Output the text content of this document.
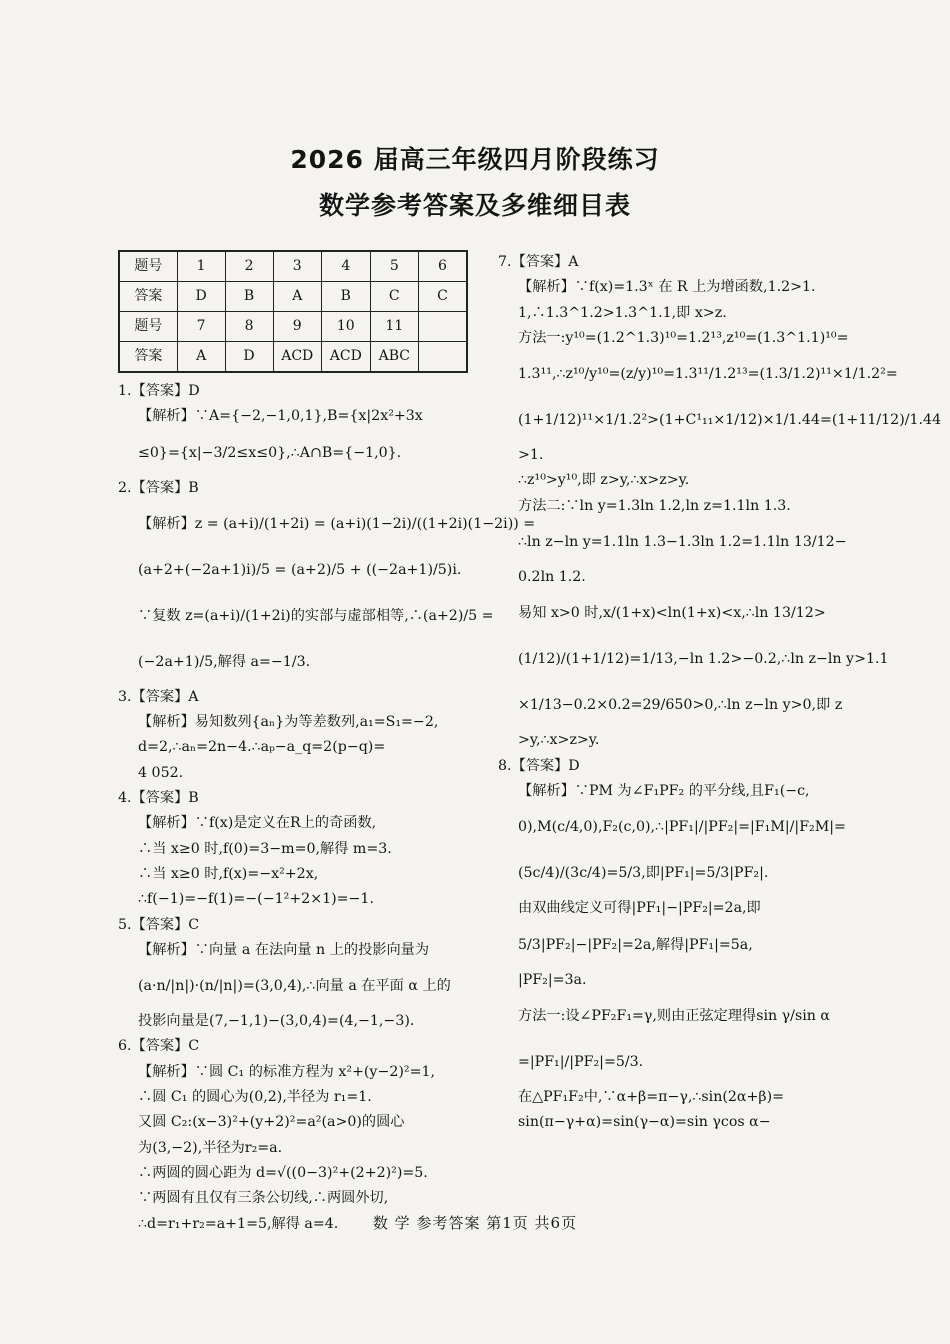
2026 届高三年级四月阶段练习
数学参考答案及多维细目表
题号	1	2	3	4	5	6
答案	D	B	A	B	C	C
题号	7	8	9	10	11	
答案	A	D	ACD	ACD	ABC	

1.【答案】D

【解析】∵A={−2,−1,0,1},B={x|2x²+3x

≤0}={x|−3/2≤x≤0},∴A∩B={−1,0}.

2.【答案】B

【解析】z = (a+i)/(1+2i) = (a+i)(1−2i)/((1+2i)(1−2i)) =

(a+2+(−2a+1)i)/5 = (a+2)/5 + ((−2a+1)/5)i.

∵复数 z=(a+i)/(1+2i)的实部与虚部相等,∴(a+2)/5 =

(−2a+1)/5,解得 a=−1/3.

3.【答案】A

【解析】易知数列{aₙ}为等差数列,a₁=S₁=−2,

d=2,∴aₙ=2n−4.∴aₚ−a_q=2(p−q)=

4 052.

4.【答案】B

【解析】∵f(x)是定义在R上的奇函数,

∴当 x≥0 时,f(0)=3−m=0,解得 m=3.

∴当 x≥0 时,f(x)=−x²+2x,

∴f(−1)=−f(1)=−(−1²+2×1)=−1.

5.【答案】C

【解析】∵向量 a 在法向量 n 上的投影向量为

(a·n/|n|)·(n/|n|)=(3,0,4),∴向量 a 在平面 α 上的

投影向量是(7,−1,1)−(3,0,4)=(4,−1,−3).

6.【答案】C

【解析】∵圆 C₁ 的标准方程为 x²+(y−2)²=1,

∴圆 C₁ 的圆心为(0,2),半径为 r₁=1.

又圆 C₂:(x−3)²+(y+2)²=a²(a>0)的圆心

为(3,−2),半径为r₂=a.

∴两圆的圆心距为 d=√((0−3)²+(2+2)²)=5.

∵两圆有且仅有三条公切线,∴两圆外切,

∴d=r₁+r₂=a+1=5,解得 a=4.

7.【答案】A

【解析】∵f(x)=1.3ˣ 在 R 上为增函数,1.2>1.

1,∴1.3^1.2>1.3^1.1,即 x>z.

方法一:y¹⁰=(1.2^1.3)¹⁰=1.2¹³,z¹⁰=(1.3^1.1)¹⁰=

1.3¹¹,∴z¹⁰/y¹⁰=(z/y)¹⁰=1.3¹¹/1.2¹³=(1.3/1.2)¹¹×1/1.2²=

(1+1/12)¹¹×1/1.2²>(1+C¹₁₁×1/12)×1/1.44=(1+11/12)/1.44

>1.

∴z¹⁰>y¹⁰,即 z>y,∴x>z>y.

方法二:∵ln y=1.3ln 1.2,ln z=1.1ln 1.3.

∴ln z−ln y=1.1ln 1.3−1.3ln 1.2=1.1ln 13/12−

0.2ln 1.2.

易知 x>0 时,x/(1+x)<ln(1+x)<x,∴ln 13/12>

(1/12)/(1+1/12)=1/13,−ln 1.2>−0.2,∴ln z−ln y>1.1

×1/13−0.2×0.2=29/650>0,∴ln z−ln y>0,即 z

>y,∴x>z>y.

8.【答案】D

【解析】∵PM 为∠F₁PF₂ 的平分线,且F₁(−c,

0),M(c/4,0),F₂(c,0),∴|PF₁|/|PF₂|=|F₁M|/|F₂M|=

(5c/4)/(3c/4)=5/3,即|PF₁|=5/3|PF₂|.

由双曲线定义可得|PF₁|−|PF₂|=2a,即

5/3|PF₂|−|PF₂|=2a,解得|PF₁|=5a,

|PF₂|=3a.

方法一:设∠PF₂F₁=γ,则由正弦定理得sin γ/sin α

=|PF₁|/|PF₂|=5/3.

在△PF₁F₂中,∵α+β=π−γ,∴sin(2α+β)=

sin(π−γ+α)=sin(γ−α)=sin γcos α−

数 学 参考答案 第1页 共6页
